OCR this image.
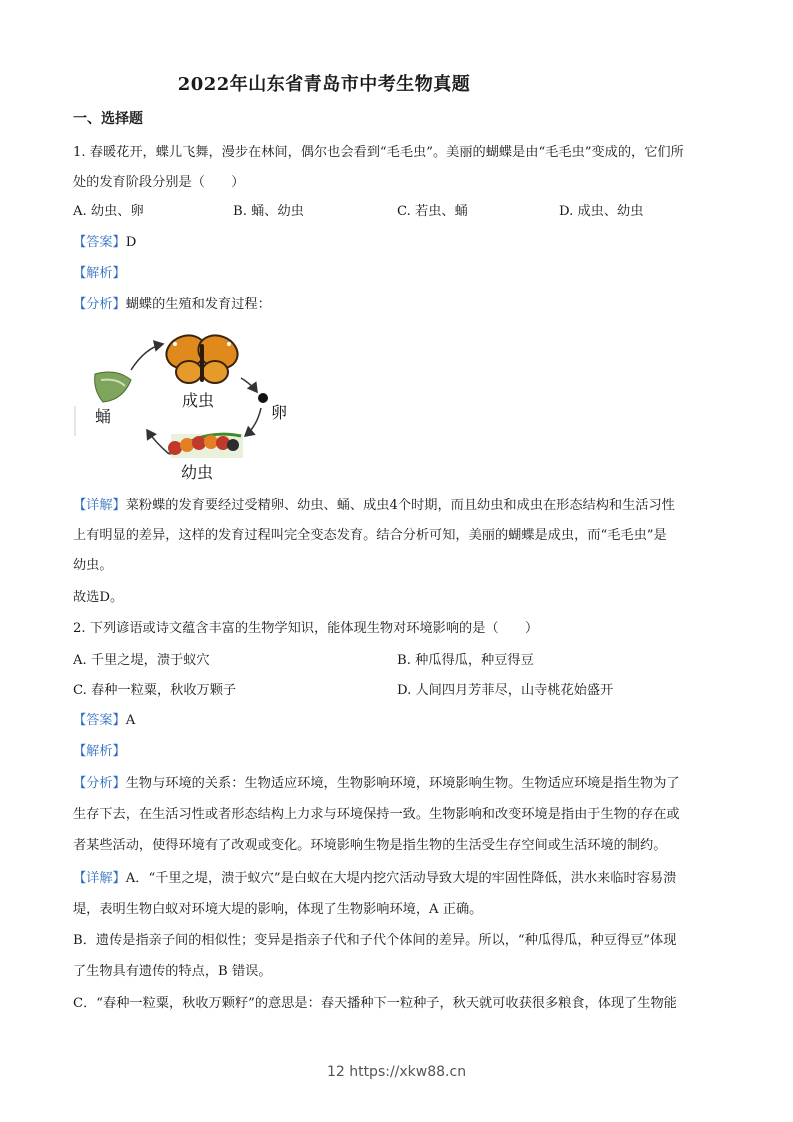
2022年山东省青岛市中考生物真题
一、选择题
1. 春暖花开，蝶儿飞舞，漫步在林间，偶尔也会看到“毛毛虫”。美丽的蝴蝶是由“毛毛虫”变成的，它们所
处的发育阶段分别是（　　）
A. 幼虫、卵	B. 蛹、幼虫	C. 若虫、蛹	D. 成虫、幼虫
【答案】D
【解析】
【分析】蝴蝶的生殖和发育过程：
成虫
卵
幼虫
蛹
【详解】菜粉蝶的发育要经过受精卵、幼虫、蛹、成虫4个时期，而且幼虫和成虫在形态结构和生活习性
上有明显的差异，这样的发育过程叫完全变态发育。结合分析可知，美丽的蝴蝶是成虫，而“毛毛虫”是
幼虫。
故选D。
2. 下列谚语或诗文蕴含丰富的生物学知识，能体现生物对环境影响的是（　　）
A. 千里之堤，溃于蚁穴	B. 种瓜得瓜，种豆得豆
C. 春种一粒粟，秋收万颗子	D. 人间四月芳菲尽，山寺桃花始盛开
【答案】A
【解析】
【分析】生物与环境的关系：生物适应环境，生物影响环境，环境影响生物。生物适应环境是指生物为了
生存下去，在生活习性或者形态结构上力求与环境保持一致。生物影响和改变环境是指由于生物的存在或
者某些活动，使得环境有了改观或变化。环境影响生物是指生物的生活受生存空间或生活环境的制约。
【详解】A．“千里之堤，溃于蚁穴”是白蚁在大堤内挖穴活动导致大堤的牢固性降低，洪水来临时容易溃
堤，表明生物白蚁对环境大堤的影响，体现了生物影响环境，A 正确。
B．遗传是指亲子间的相似性；变异是指亲子代和子代个体间的差异。所以，“种瓜得瓜，种豆得豆”体现
了生物具有遗传的特点，B 错误。
C．“春种一粒粟，秋收万颗籽”的意思是：春天播种下一粒种子，秋天就可收获很多粮食，体现了生物能
12 https://xkw88.cn
